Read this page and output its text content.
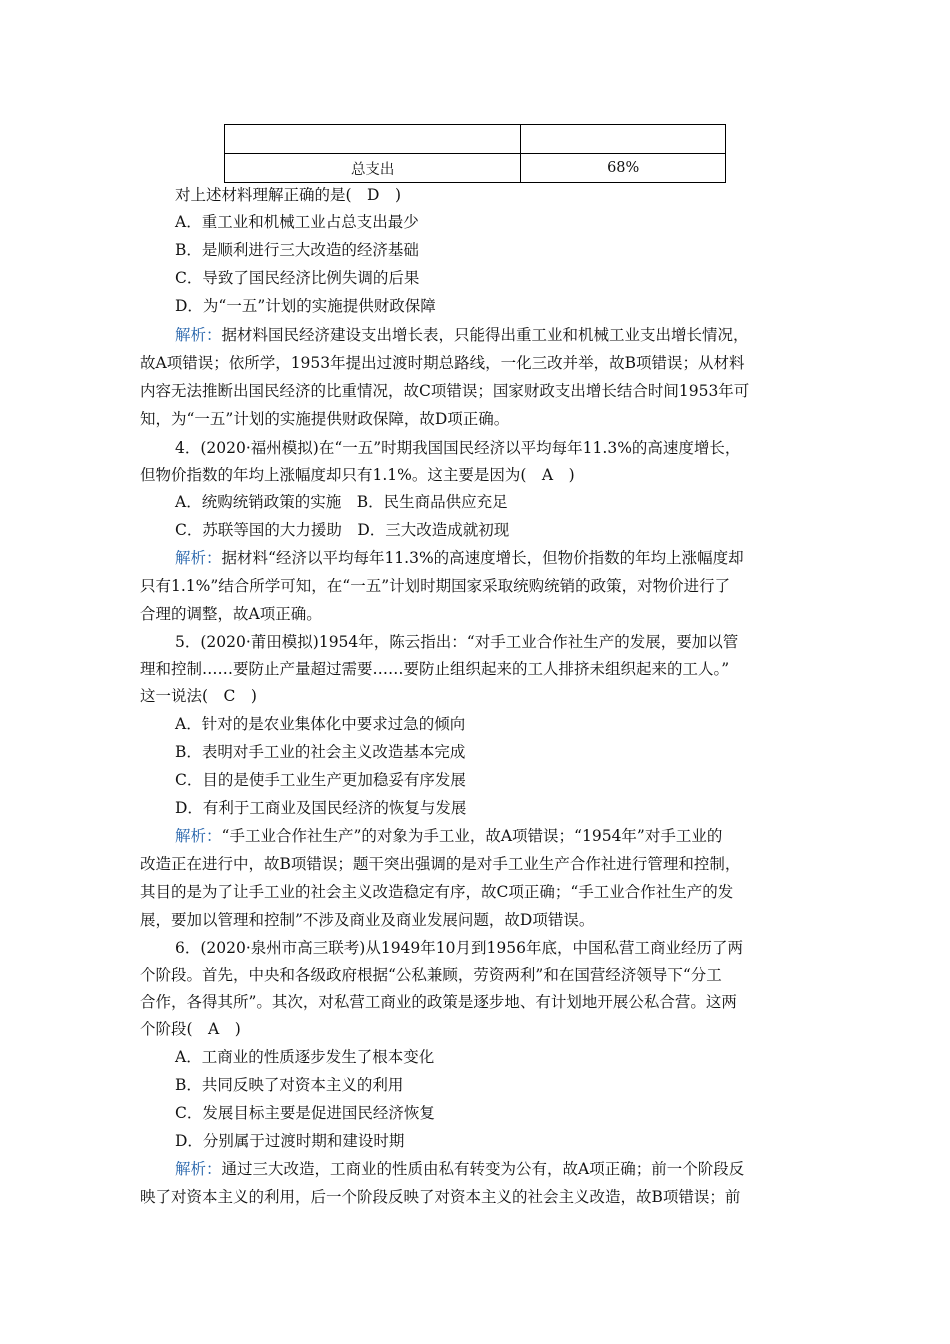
总支出	68%
对上述材料理解正确的是(　D　)
A．重工业和机械工业占总支出最少
B．是顺利进行三大改造的经济基础
C．导致了国民经济比例失调的后果
D．为“一五”计划的实施提供财政保障
解析：据材料国民经济建设支出增长表，只能得出重工业和机械工业支出增长情况，
故A项错误；依所学，1953年提出过渡时期总路线，一化三改并举，故B项错误；从材料
内容无法推断出国民经济的比重情况，故C项错误；国家财政支出增长结合时间1953年可
知，为“一五”计划的实施提供财政保障，故D项正确。
4．(2020·福州模拟)在“一五”时期我国国民经济以平均每年11.3%的高速度增长，
但物价指数的年均上涨幅度却只有1.1%。这主要是因为(　A　)
A．统购统销政策的实施　B．民生商品供应充足
C．苏联等国的大力援助　D．三大改造成就初现
解析：据材料“经济以平均每年11.3%的高速度增长，但物价指数的年均上涨幅度却
只有1.1%”结合所学可知，在“一五”计划时期国家采取统购统销的政策，对物价进行了
合理的调整，故A项正确。
5．(2020·莆田模拟)1954年，陈云指出：“对手工业合作社生产的发展，要加以管
理和控制……要防止产量超过需要……要防止组织起来的工人排挤未组织起来的工人。”
这一说法(　C　)
A．针对的是农业集体化中要求过急的倾向
B．表明对手工业的社会主义改造基本完成
C．目的是使手工业生产更加稳妥有序发展
D．有利于工商业及国民经济的恢复与发展
解析：“手工业合作社生产”的对象为手工业，故A项错误；“1954年”对手工业的
改造正在进行中，故B项错误；题干突出强调的是对手工业生产合作社进行管理和控制，
其目的是为了让手工业的社会主义改造稳定有序，故C项正确；“手工业合作社生产的发
展，要加以管理和控制”不涉及商业及商业发展问题，故D项错误。
6．(2020·泉州市高三联考)从1949年10月到1956年底，中国私营工商业经历了两
个阶段。首先，中央和各级政府根据“公私兼顾，劳资两利”和在国营经济领导下“分工
合作，各得其所”。其次，对私营工商业的政策是逐步地、有计划地开展公私合营。这两
个阶段(　A　)
A．工商业的性质逐步发生了根本变化
B．共同反映了对资本主义的利用
C．发展目标主要是促进国民经济恢复
D．分别属于过渡时期和建设时期
解析：通过三大改造，工商业的性质由私有转变为公有，故A项正确；前一个阶段反
映了对资本主义的利用，后一个阶段反映了对资本主义的社会主义改造，故B项错误；前
